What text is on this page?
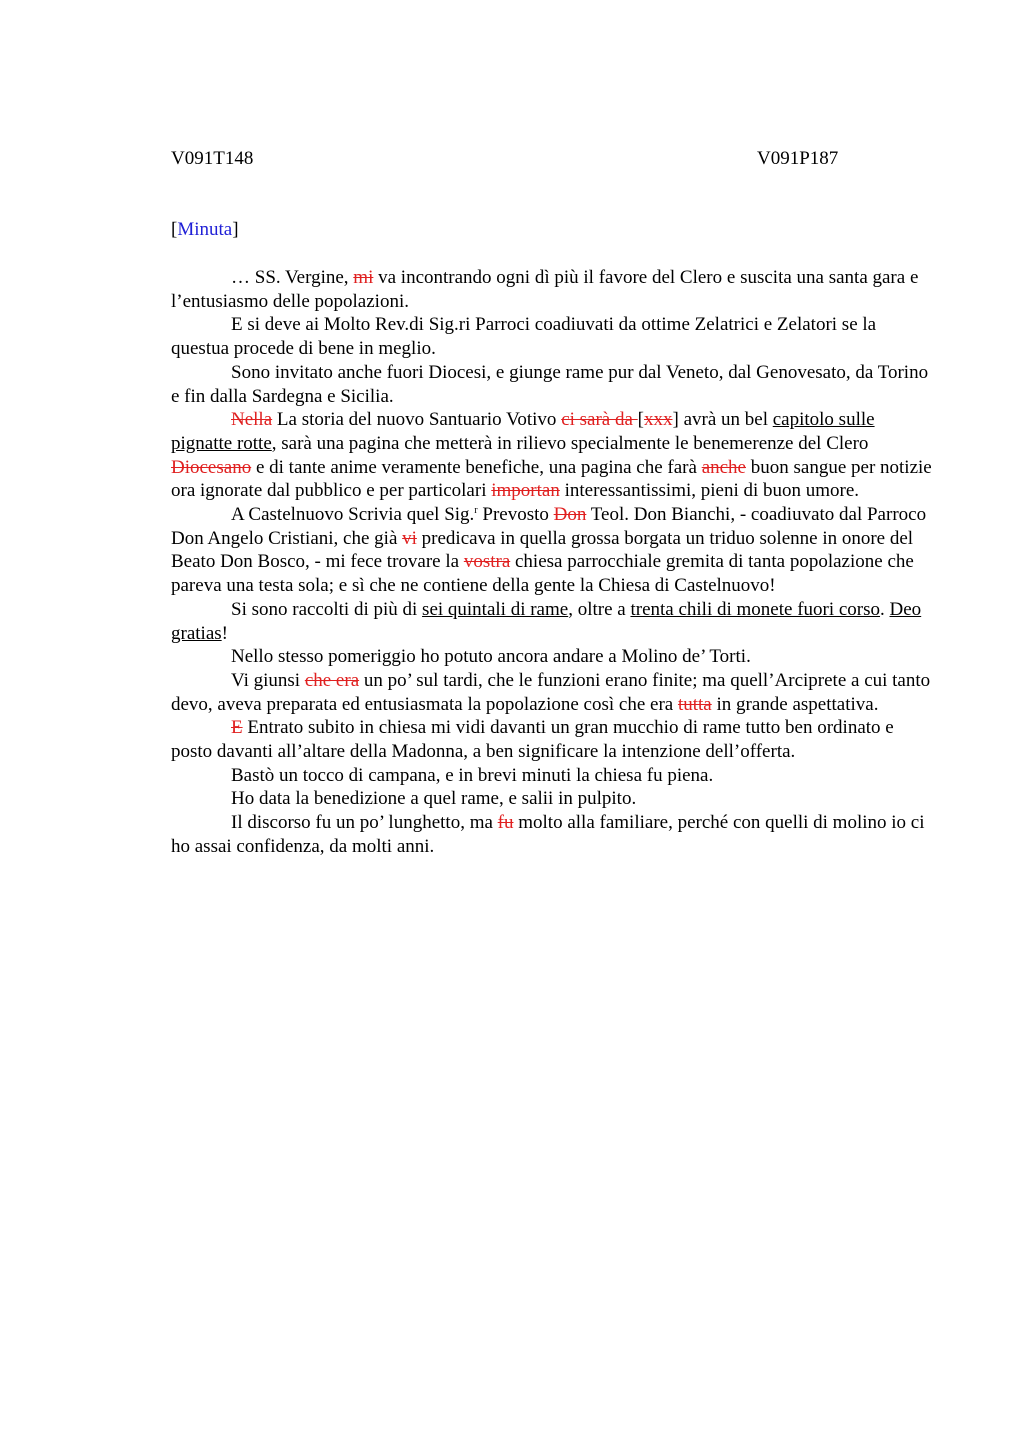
V091T148	V091P187

[Minuta]

… SS. Vergine, mi va incontrando ogni dì più il favore del Clero e suscita una santa gara e l’entusiasmo delle popolazioni.

E si deve ai Molto Rev.di Sig.ri Parroci coadiuvati da ottime Zelatrici e Zelatori se la questua procede di bene in meglio.

Sono invitato anche fuori Diocesi, e giunge rame pur dal Veneto, dal Genovesato, da Torino e fin dalla Sardegna e Sicilia.

Nella La storia del nuovo Santuario Votivo ci sarà da [xxx] avrà un bel capitolo sulle pignatte rotte, sarà una pagina che metterà in rilievo specialmente le benemerenze del Clero Diocesano e di tante anime veramente benefiche, una pagina che farà anche buon sangue per notizie ora ignorate dal pubblico e per particolari importan interessantissimi, pieni di buon umore.

A Castelnuovo Scrivia quel Sig.$^r$ Prevosto Don Teol. Don Bianchi, - coadiuvato dal Parroco Don Angelo Cristiani, che già vi predicava in quella grossa borgata un triduo solenne in onore del Beato Don Bosco, - mi fece trovare la vostra chiesa parrocchiale gremita di tanta popolazione che pareva una testa sola; e sì che ne contiene della gente la Chiesa di Castelnuovo!

Si sono raccolti di più di sei quintali di rame, oltre a trenta chili di monete fuori corso. Deo gratias!

Nello stesso pomeriggio ho potuto ancora andare a Molino de’ Torti.

Vi giunsi che era un po’ sul tardi, che le funzioni erano finite; ma quell’Arciprete a cui tanto devo, aveva preparata ed entusiasmata la popolazione così che era tutta in grande aspettativa.

E Entrato subito in chiesa mi vidi davanti un gran mucchio di rame tutto ben ordinato e posto davanti all’altare della Madonna, a ben significare la intenzione dell’offerta.

Bastò un tocco di campana, e in brevi minuti la chiesa fu piena.

Ho data la benedizione a quel rame, e salii in pulpito.

Il discorso fu un po’ lunghetto, ma fu molto alla familiare, perché con quelli di molino io ci ho assai confidenza, da molti anni.
